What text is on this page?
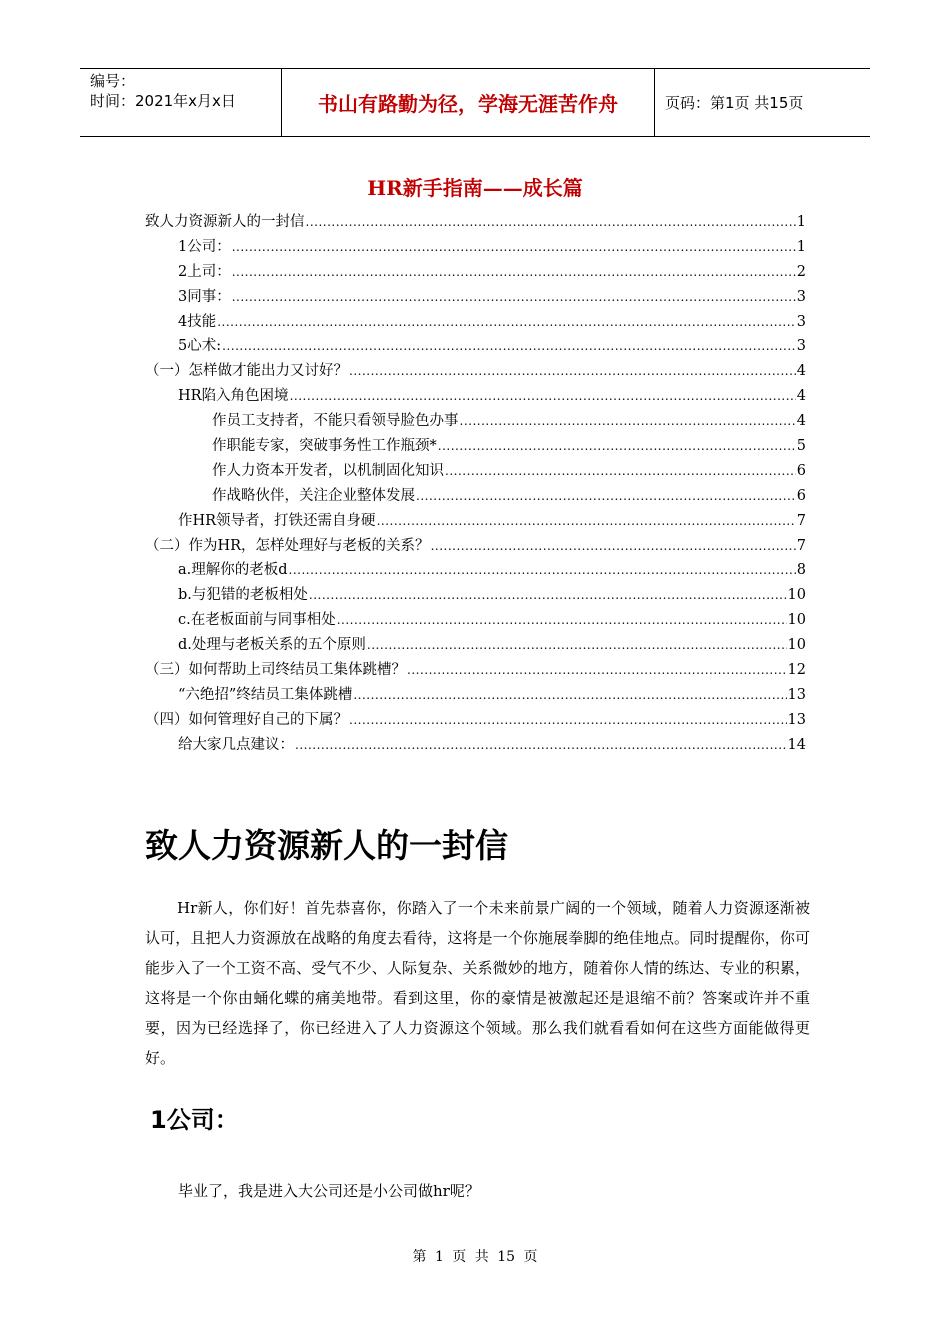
编号：
时间：2021年x月x日	书山有路勤为径，学海无涯苦作舟	页码：第1页 共15页
HR新手指南——成长篇
致人力资源新人的一封信 .....	1
1公司： .....	1
2上司： .....	2
3同事： .....	3
4技能 .....	3
5心术: .....	3
（一）怎样做才能出力又讨好？ .....	4
HR陷入角色困境 .....	4
作员工支持者，不能只看领导脸色办事 .....	4
作职能专家，突破事务性工作瓶颈* .....	5
作人力资本开发者，以机制固化知识 .....	6
作战略伙伴，关注企业整体发展 .....	6
作HR领导者，打铁还需自身硬 .....	7
（二）作为HR，怎样处理好与老板的关系？ .....	7
a.理解你的老板d .....	8
b.与犯错的老板相处 .....	10
c.在老板面前与同事相处 .....	10
d.处理与老板关系的五个原则 .....	10
（三）如何帮助上司终结员工集体跳槽？ .....	12
“六绝招”终结员工集体跳槽 .....	13
（四）如何管理好自己的下属？ .....	13
给大家几点建议： .....	14
致人力资源新人的一封信
Hr新人，你们好！首先恭喜你，你踏入了一个未来前景广阔的一个领域，随着人力资源逐渐被认可，且把人力资源放在战略的角度去看待，这将是一个你施展拳脚的绝佳地点。同时提醒你，你可能步入了一个工资不高、受气不少、人际复杂、关系微妙的地方，随着你人情的练达、专业的积累，这将是一个你由蛹化蝶的痛美地带。看到这里，你的豪情是被激起还是退缩不前？答案或许并不重要，因为已经选择了，你已经进入了人力资源这个领域。那么我们就看看如何在这些方面能做得更好。
1公司：
毕业了，我是进入大公司还是小公司做hr呢？
第 1 页 共 15 页
